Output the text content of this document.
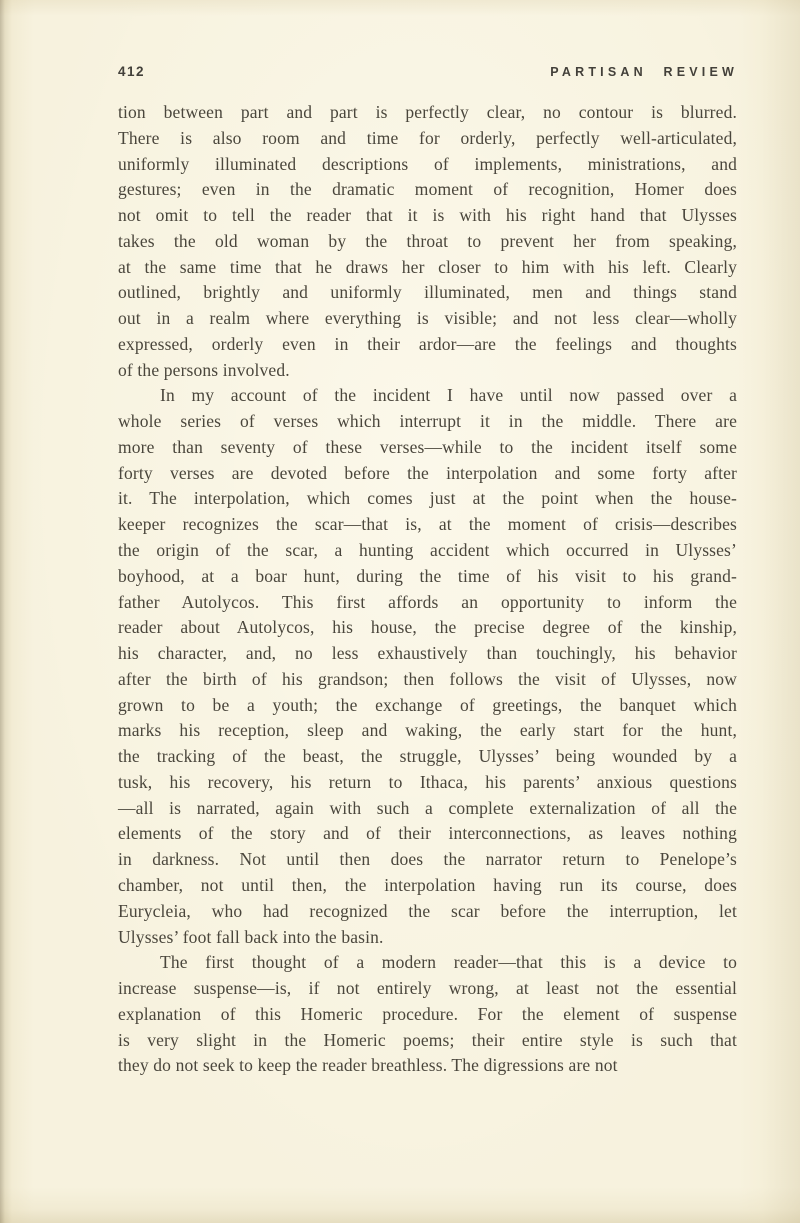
412	PARTISAN REVIEW
tion between part and part is perfectly clear, no contour is blurred.
There is also room and time for orderly, perfectly well-articulated,
uniformly illuminated descriptions of implements, ministrations, and
gestures; even in the dramatic moment of recognition, Homer does
not omit to tell the reader that it is with his right hand that Ulysses
takes the old woman by the throat to prevent her from speaking,
at the same time that he draws her closer to him with his left. Clearly
outlined, brightly and uniformly illuminated, men and things stand
out in a realm where everything is visible; and not less clear—wholly
expressed, orderly even in their ardor—are the feelings and thoughts
of the persons involved.
In my account of the incident I have until now passed over a
whole series of verses which interrupt it in the middle. There are
more than seventy of these verses—while to the incident itself some
forty verses are devoted before the interpolation and some forty after
it. The interpolation, which comes just at the point when the house-
keeper recognizes the scar—that is, at the moment of crisis—describes
the origin of the scar, a hunting accident which occurred in Ulysses’
boyhood, at a boar hunt, during the time of his visit to his grand-
father Autolycos. This first affords an opportunity to inform the
reader about Autolycos, his house, the precise degree of the kinship,
his character, and, no less exhaustively than touchingly, his behavior
after the birth of his grandson; then follows the visit of Ulysses, now
grown to be a youth; the exchange of greetings, the banquet which
marks his reception, sleep and waking, the early start for the hunt,
the tracking of the beast, the struggle, Ulysses’ being wounded by a
tusk, his recovery, his return to Ithaca, his parents’ anxious questions
—all is narrated, again with such a complete externalization of all the
elements of the story and of their interconnections, as leaves nothing
in darkness. Not until then does the narrator return to Penelope’s
chamber, not until then, the interpolation having run its course, does
Eurycleia, who had recognized the scar before the interruption, let
Ulysses’ foot fall back into the basin.
The first thought of a modern reader—that this is a device to
increase suspense—is, if not entirely wrong, at least not the essential
explanation of this Homeric procedure. For the element of suspense
is very slight in the Homeric poems; their entire style is such that
they do not seek to keep the reader breathless. The digressions are not
